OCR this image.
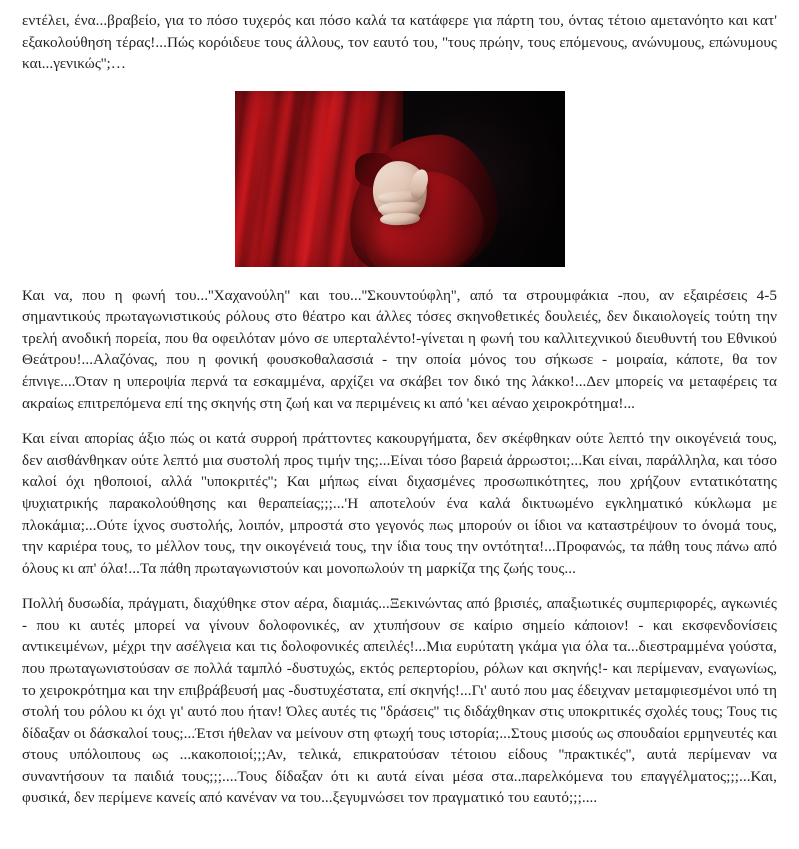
εντέλει, ένα...βραβείο, για το πόσο τυχερός και πόσο καλά τα κατάφερε για πάρτη του, όντας τέτοιο αμετανόητο και κατ' εξακολούθηση τέρας!...Πώς κορόιδευε τους άλλους, τον εαυτό του, ''τους πρώην, τους επόμενους, ανώνυμους, επώνυμους και...γενικώς'';…

Και να, που η φωνή του...''Χαχανούλη'' και του...''Σκουντούφλη'', από τα στρουμφάκια -που, αν εξαιρέσεις 4-5 σημαντικούς πρωταγωνιστικούς ρόλους στο θέατρο και άλλες τόσες σκηνοθετικές δουλειές, δεν δικαιολογείς τούτη την τρελή ανοδική πορεία, που θα οφειλόταν μόνο σε υπερταλέντο!-γίνεται η φωνή του καλλιτεχνικού διευθυντή του Εθνικού Θεάτρου!...Αλαζόνας, που η φονική φουσκοθαλασσιά - την οποία μόνος του σήκωσε - μοιραία, κάποτε, θα τον έπνιγε....Όταν η υπεροψία περνά τα εσκαμμένα, αρχίζει να σκάβει τον δικό της λάκκο!...Δεν μπορείς να μεταφέρεις τα ακραίως επιτρεπόμενα επί της σκηνής στη ζωή και να περιμένεις κι από 'κει αέναο χειροκρότημα!...

Και είναι απορίας άξιο πώς οι κατά συρροή πράττοντες κακουργήματα, δεν σκέφθηκαν ούτε λεπτό την οικογένειά τους, δεν αισθάνθηκαν ούτε λεπτό μια συστολή προς τιμήν της;...Είναι τόσο βαρειά άρρωστοι;...Και είναι, παράλληλα, και τόσο καλοί όχι ηθοποιοί, αλλά ''υποκριτές''; Και μήπως είναι διχασμένες προσωπικότητες, που χρήζουν εντατικότατης ψυχιατρικής παρακολούθησης και θεραπείας;;;...'Η αποτελούν ένα καλά δικτυωμένο εγκληματικό κύκλωμα με πλοκάμια;...Ούτε ίχνος συστολής, λοιπόν, μπροστά στο γεγονός πως μπορούν οι ίδιοι να καταστρέψουν το όνομά τους, την καριέρα τους, το μέλλον τους, την οικογένειά τους, την ίδια τους την οντότητα!...Προφανώς, τα πάθη τους πάνω από όλους κι απ' όλα!...Τα πάθη πρωταγωνιστούν και μονοπωλούν τη μαρκίζα της ζωής τους...

Πολλή δυσωδία, πράγματι, διαχύθηκε στον αέρα, διαμιάς...Ξεκινώντας από βρισιές, απαξιωτικές συμπεριφορές, αγκωνιές - που κι αυτές μπορεί να γίνουν δολοφονικές, αν χτυπήσουν σε καίριο σημείο κάποιον! - και εκσφενδονίσεις αντικειμένων, μέχρι την ασέλγεια και τις δολοφονικές απειλές!...Μια ευρύτατη γκάμα για όλα τα...διεστραμμένα γούστα, που πρωταγωνιστούσαν σε πολλά ταμπλό -δυστυχώς, εκτός ρεπερτορίου, ρόλων και σκηνής!- και περίμεναν, εναγωνίως, το χειροκρότημα και την επιβράβευσή μας -δυστυχέστατα, επί σκηνής!...Γι' αυτό που μας έδειχναν μεταμφιεσμένοι υπό τη στολή του ρόλου κι όχι γι' αυτό που ήταν! Όλες αυτές τις ''δράσεις'' τις διδάχθηκαν στις υποκριτικές σχολές τους; Τους τις δίδαξαν οι δάσκαλοί τους;...Έτσι ήθελαν να μείνουν στη φτωχή τους ιστορία;...Στους μισούς ως σπουδαίοι ερμηνευτές και στους υπόλοιπους ως ...κακοποιοί;;;Αν, τελικά, επικρατούσαν τέτοιου είδους ''πρακτικές'', αυτά περίμεναν να συναντήσουν τα παιδιά τους;;;....Τους δίδαξαν ότι κι αυτά είναι μέσα στα..παρελκόμενα του επαγγέλματος;;;...Και, φυσικά, δεν περίμενε κανείς από κανέναν να του...ξεγυμνώσει τον πραγματικό του εαυτό;;;....
